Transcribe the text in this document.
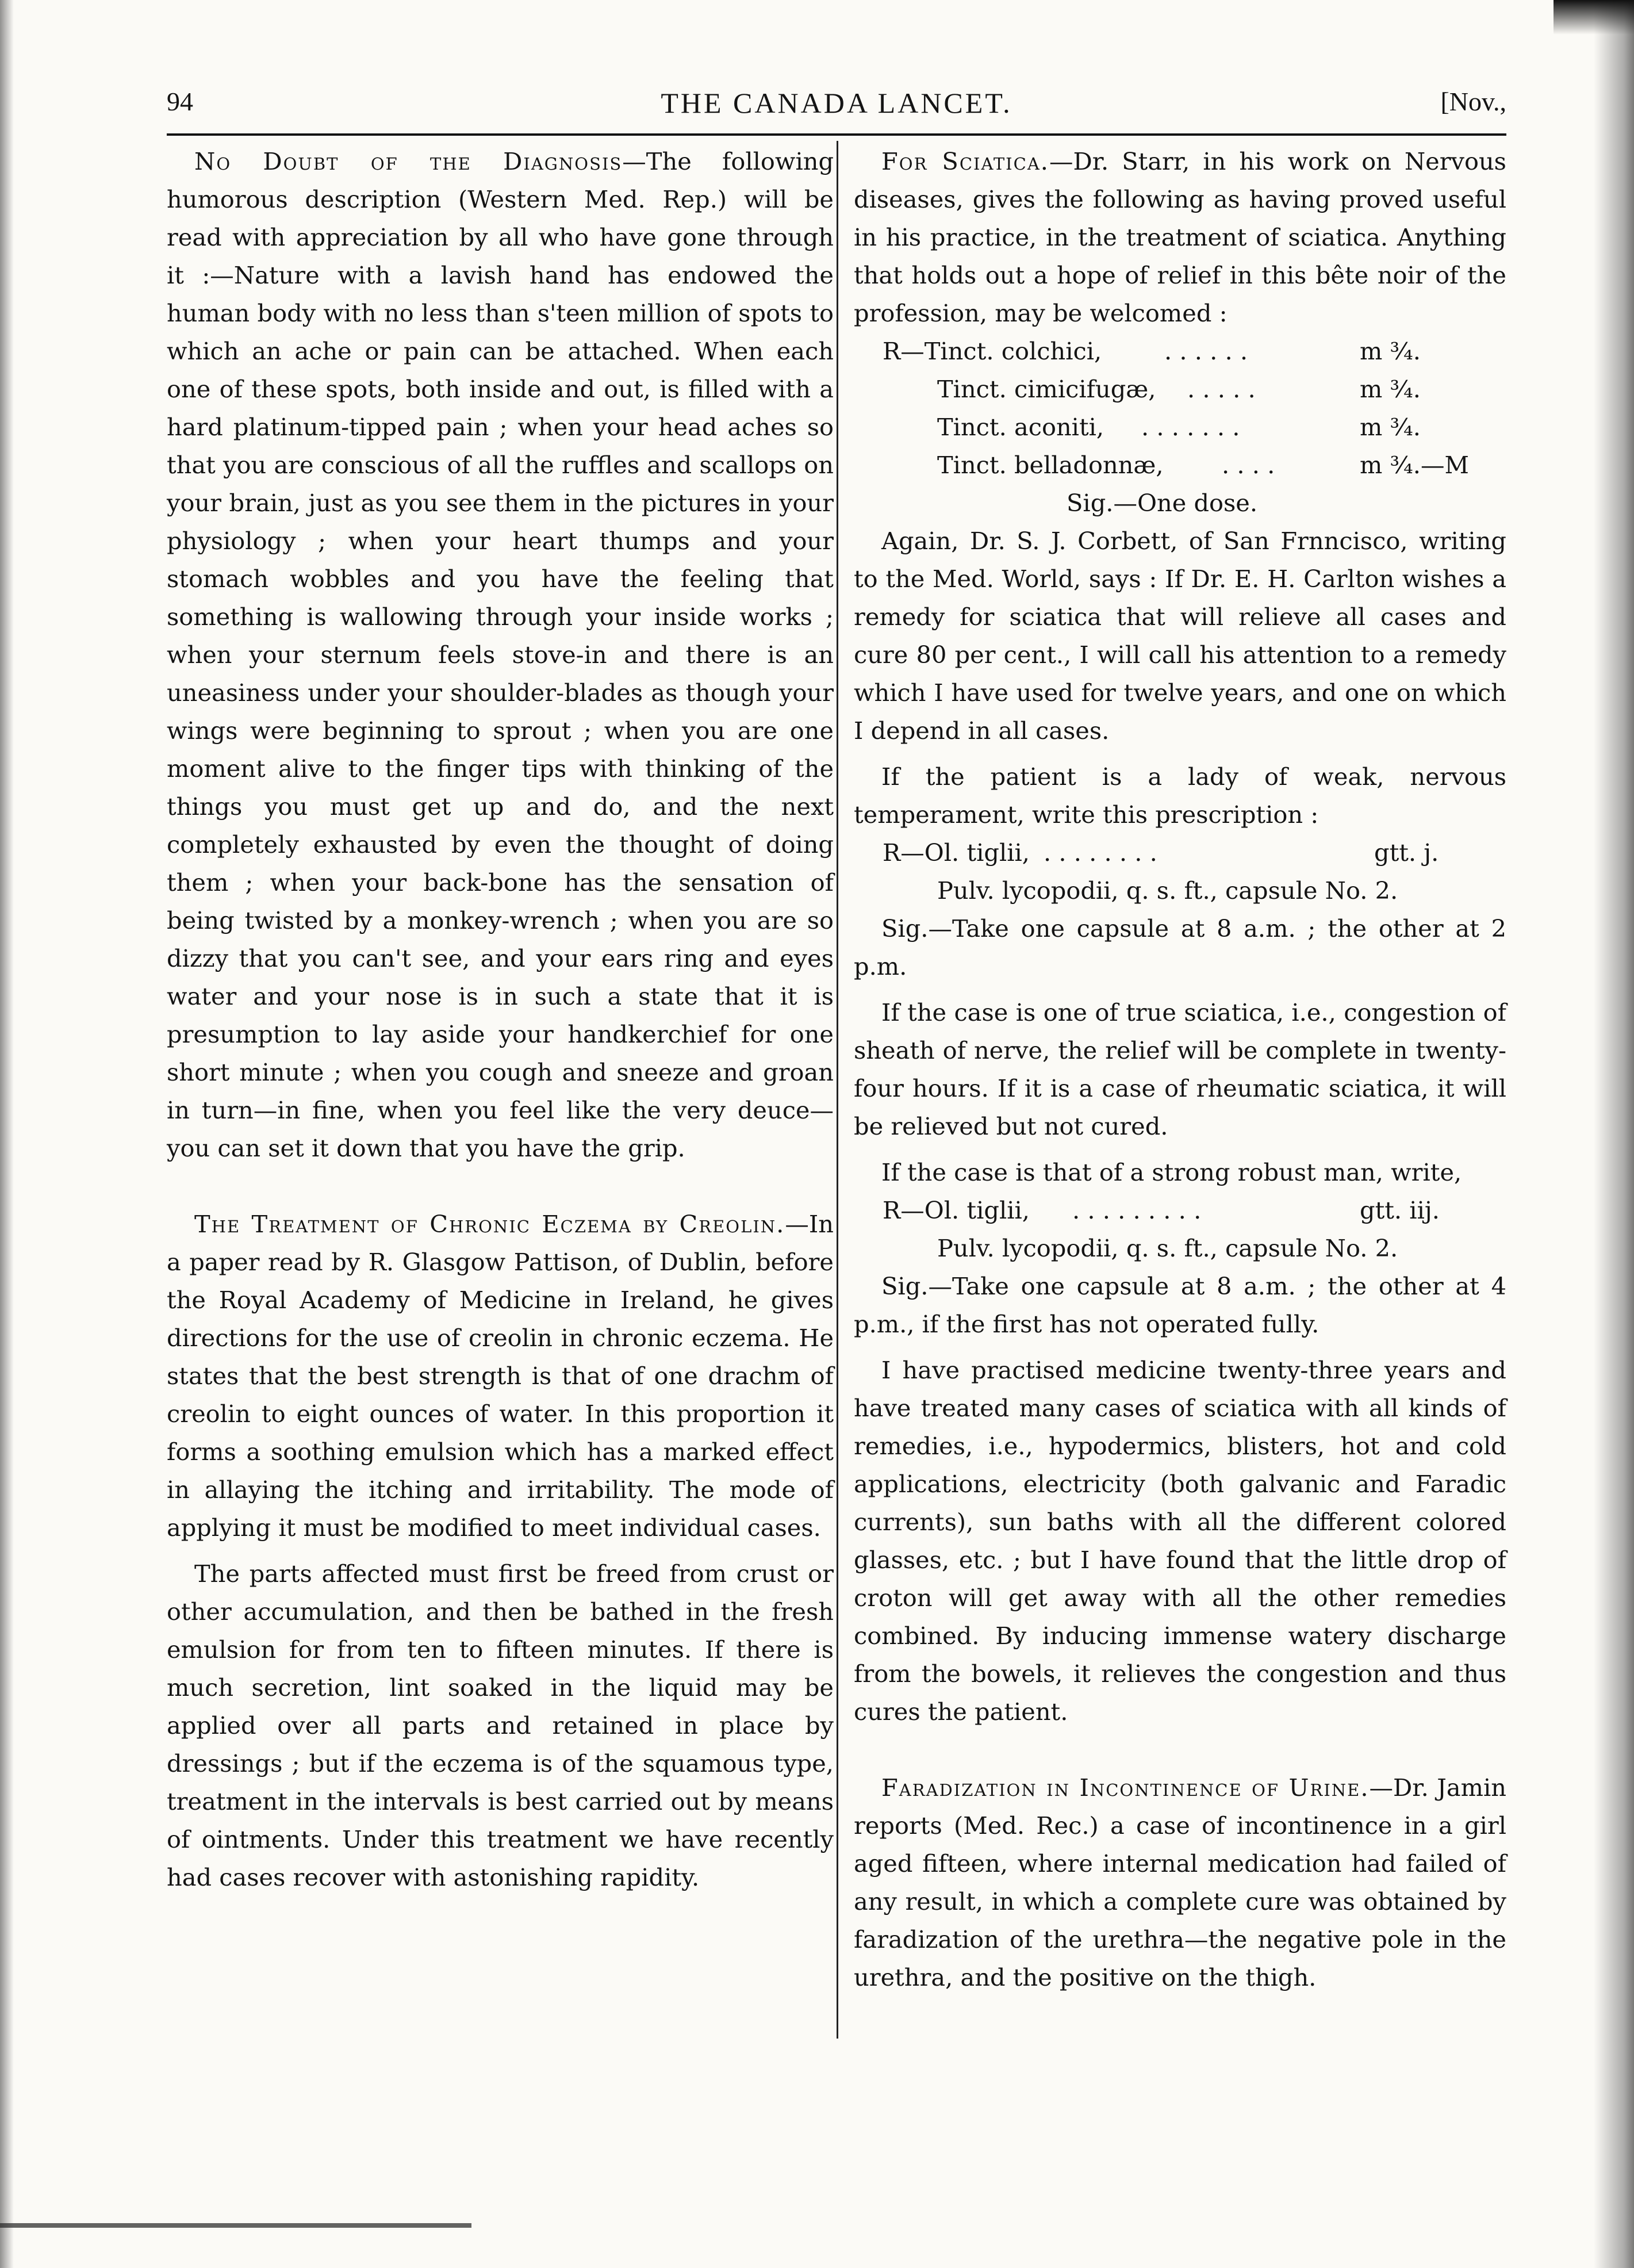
94	THE CANADA LANCET.	[Nov.,

No Doubt of the Diagnosis—The following humorous description (Western Med. Rep.) will be read with appreciation by all who have gone through it :—Nature with a lavish hand has endowed the human body with no less than s'teen million of spots to which an ache or pain can be attached. When each one of these spots, both inside and out, is filled with a hard platinum-tipped pain ; when your head aches so that you are conscious of all the ruffles and scallops on your brain, just as you see them in the pictures in your physiology ; when your heart thumps and your stomach wobbles and you have the feeling that something is wallowing through your inside works ; when your sternum feels stove-in and there is an uneasiness under your shoulder-blades as though your wings were beginning to sprout ; when you are one moment alive to the finger tips with thinking of the things you must get up and do, and the next completely exhausted by even the thought of doing them ; when your back-bone has the sensation of being twisted by a monkey-wrench ; when you are so dizzy that you can't see, and your ears ring and eyes water and your nose is in such a state that it is presumption to lay aside your handkerchief for one short minute ; when you cough and sneeze and groan in turn—in fine, when you feel like the very deuce—you can set it down that you have the grip.

The Treatment of Chronic Eczema by Creolin.—In a paper read by R. Glasgow Pattison, of Dublin, before the Royal Academy of Medicine in Ireland, he gives directions for the use of creolin in chronic eczema. He states that the best strength is that of one drachm of creolin to eight ounces of water. In this proportion it forms a soothing emulsion which has a marked effect in allaying the itching and irritability. The mode of applying it must be modified to meet individual cases.

The parts affected must first be freed from crust or other accumulation, and then be bathed in the fresh emulsion for from ten to fifteen minutes. If there is much secretion, lint soaked in the liquid may be applied over all parts and retained in place by dressings ; but if the eczema is of the squamous type, treatment in the intervals is best carried out by means of ointments. Under this treatment we have recently had cases recover with astonishing rapidity.

For Sciatica.—Dr. Starr, in his work on Nervous diseases, gives the following as having proved useful in his practice, in the treatment of sciatica. Anything that holds out a hope of relief in this bête noir of the profession, may be welcomed :

R—Tinct. colchici,	. . . . . .	m ¾.
Tinct. cimicifugæ, . . . . .	m ¾.
Tinct. aconiti, . . . . . . .	m ¾.
Tinct. belladonnæ, . . . .	m ¾.—M
Sig.—One dose.

Again, Dr. S. J. Corbett, of San Frnncisco, writing to the Med. World, says : If Dr. E. H. Carlton wishes a remedy for sciatica that will relieve all cases and cure 80 per cent., I will call his attention to a remedy which I have used for twelve years, and one on which I depend in all cases.

If the patient is a lady of weak, nervous temperament, write this prescription :

R—Ol. tiglii, . . . . . . . .	gtt. j.
Pulv. lycopodii, q. s. ft., capsule No. 2.

Sig.—Take one capsule at 8 a.m. ; the other at 2 p.m.

If the case is one of true sciatica, i.e., congestion of sheath of nerve, the relief will be complete in twenty-four hours. If it is a case of rheumatic sciatica, it will be relieved but not cured.

If the case is that of a strong robust man, write,

R—Ol. tiglii, . . . . . . . . .	gtt. iij.
Pulv. lycopodii, q. s. ft., capsule No. 2.

Sig.—Take one capsule at 8 a.m. ; the other at 4 p.m., if the first has not operated fully.

I have practised medicine twenty-three years and have treated many cases of sciatica with all kinds of remedies, i.e., hypodermics, blisters, hot and cold applications, electricity (both galvanic and Faradic currents), sun baths with all the different colored glasses, etc. ; but I have found that the little drop of croton will get away with all the other remedies combined. By inducing immense watery discharge from the bowels, it relieves the congestion and thus cures the patient.

Faradization in Incontinence of Urine.—Dr. Jamin reports (Med. Rec.) a case of incontinence in a girl aged fifteen, where internal medication had failed of any result, in which a complete cure was obtained by faradization of the urethra—the negative pole in the urethra, and the positive on the thigh.
